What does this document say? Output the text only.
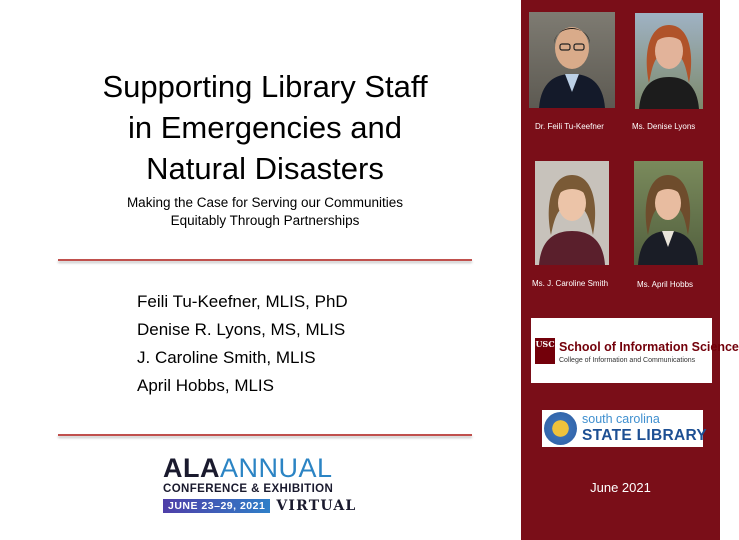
Supporting Library Staff
in Emergencies and
Natural Disasters
Making the Case for Serving our Communities
Equitably Through Partnerships
Feili Tu-Keefner, MLIS, PhD
Denise R. Lyons, MS, MLIS
J. Caroline Smith, MLIS
April Hobbs, MLIS
ALAANNUAL
CONFERENCE & EXHIBITION
JUNE 23–29, 2021 VIRTUAL
Dr. Feili Tu-Keefner	Ms. Denise Lyons
Ms. J. Caroline Smith	Ms. April Hobbs
USC School of Information Science
College of Information and Communications
south carolina
STATE LIBRARY
June 2021
